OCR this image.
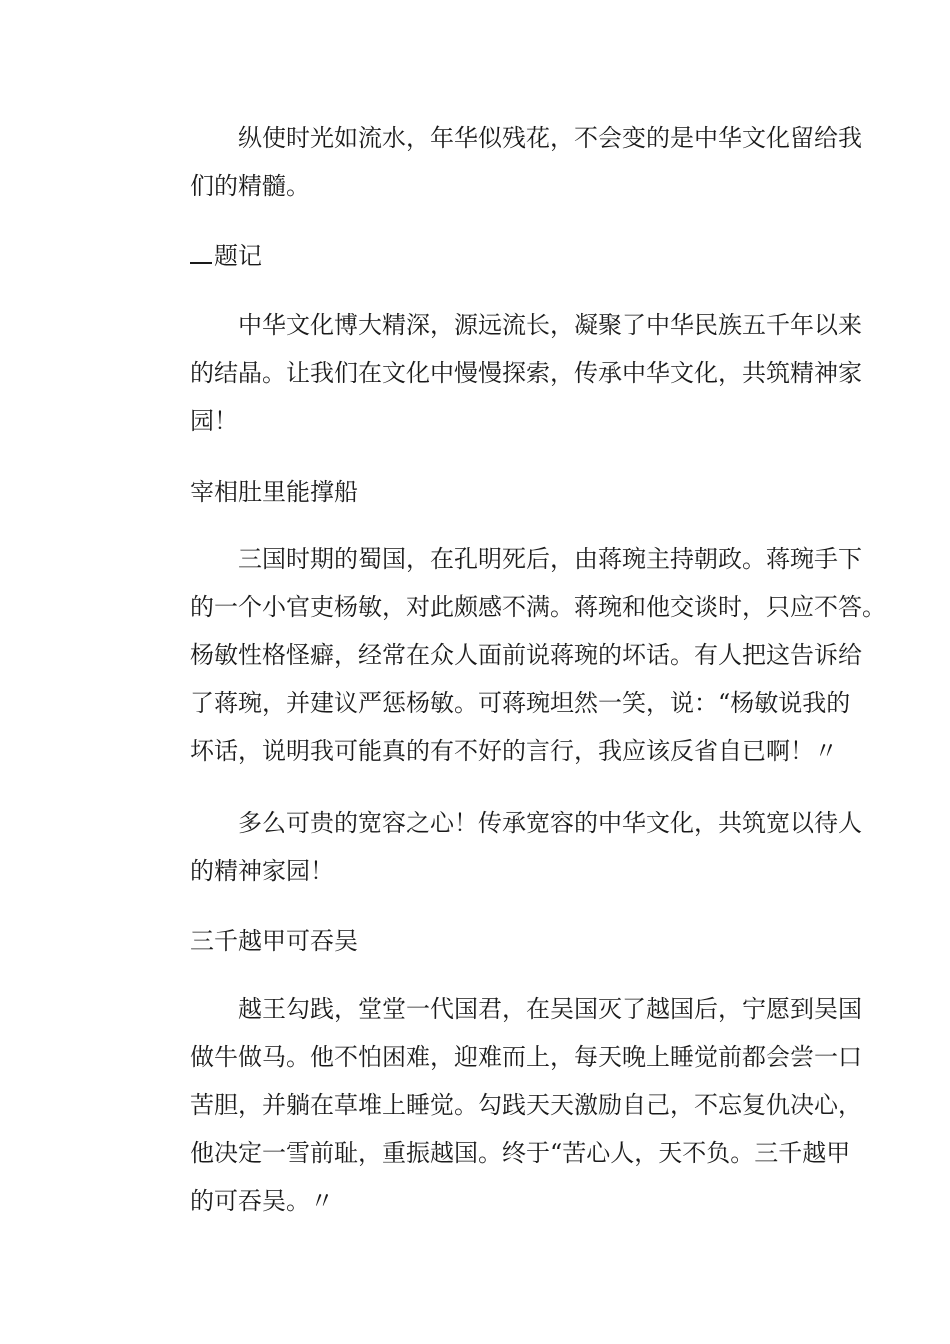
纵使时光如流水，年华似残花，不会变的是中华文化留给我
们的精髓。
题记
中华文化博大精深，源远流长，凝聚了中华民族五千年以来
的结晶。让我们在文化中慢慢探索，传承中华文化，共筑精神家
园！
宰相肚里能撑船
三国时期的蜀国，在孔明死后，由蒋琬主持朝政。蒋琬手下
的一个小官吏杨敏，对此颇感不满。蒋琬和他交谈时，只应不答。
杨敏性格怪癖，经常在众人面前说蒋琬的坏话。有人把这告诉给
了蒋琬，并建议严惩杨敏。可蒋琬坦然一笑，说：“杨敏说我的
坏话，说明我可能真的有不好的言行，我应该反省自已啊！〃
多么可贵的宽容之心！传承宽容的中华文化，共筑宽以待人
的精神家园！
三千越甲可吞吴
越王勾践，堂堂一代国君，在吴国灭了越国后，宁愿到吴国
做牛做马。他不怕困难，迎难而上，每天晚上睡觉前都会尝一口
苦胆，并躺在草堆上睡觉。勾践天天激励自己，不忘复仇决心，
他决定一雪前耻，重振越国。终于“苦心人，天不负。三千越甲
的可吞吴。〃
